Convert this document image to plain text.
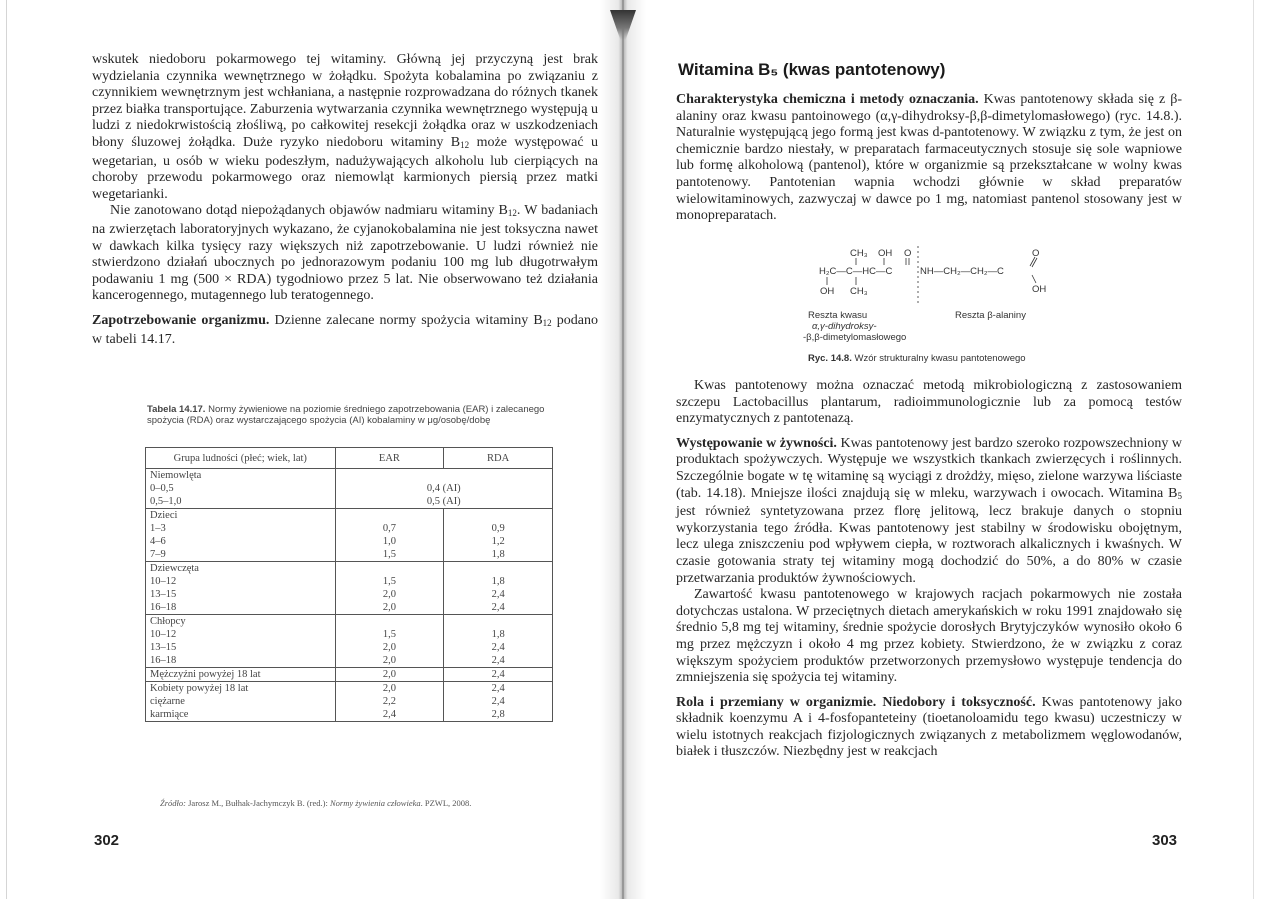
wskutek niedoboru pokarmowego tej witaminy. Główną jej przyczyną jest brak wydzielania czynnika wewnętrznego w żołądku. Spożyta kobalamina po związaniu z czynnikiem wewnętrznym jest wchłaniana, a następnie rozprowadzana do różnych tkanek przez białka transportujące. Zaburzenia wytwarzania czynnika wewnętrznego występują u ludzi z niedokrwistością złośliwą, po całkowitej resekcji żołądka oraz w uszkodzeniach błony śluzowej żołądka. Duże ryzyko niedoboru witaminy $B_{12}$ może występować u wegetarian, u osób w wieku podeszłym, nadużywających alkoholu lub cierpiących na choroby przewodu pokarmowego oraz niemowląt karmionych piersią przez matki wegetarianki.

Nie zanotowano dotąd niepożądanych objawów nadmiaru witaminy $B_{12}$. W badaniach na zwierzętach laboratoryjnych wykazano, że cyjanokobalamina nie jest toksyczna nawet w dawkach kilka tysięcy razy większych niż zapotrzebowanie. U ludzi również nie stwierdzono działań ubocznych po jednorazowym podaniu 100 mg lub długotrwałym podawaniu 1 mg (500 × RDA) tygodniowo przez 5 lat. Nie obserwowano też działania kancerogennego, mutagennego lub teratogennego.

Zapotrzebowanie organizmu. Dzienne zalecane normy spożycia witaminy $B_{12}$ podano w tabeli 14.17.

Tabela 14.17. Normy żywieniowe na poziomie średniego zapotrzebowania (EAR) i zalecanego spożycia (RDA) oraz wystarczającego spożycia (AI) kobalaminy w μg/osobę/dobę
Grupa ludności (płeć; wiek, lat)	EAR	RDA
Niemowlęta		
0–0,5	0,4 (AI)	
0,5–1,0	0,5 (AI)	
Dzieci		
1–3	0,7	0,9
4–6	1,0	1,2
7–9	1,5	1,8
Dziewczęta		
10–12	1,5	1,8
13–15	2,0	2,4
16–18	2,0	2,4
Chłopcy		
10–12	1,5	1,8
13–15	2,0	2,4
16–18	2,0	2,4
Mężczyźni powyżej 18 lat	2,0	2,4
Kobiety powyżej 18 lat	2,0	2,4
ciężarne	2,2	2,4
karmiące	2,4	2,8
Źródło: Jarosz M., Bułhak-Jachymczyk B. (red.): Normy żywienia człowieka. PZWL, 2008.
302
Witamina B₅ (kwas pantotenowy)

Charakterystyka chemiczna i metody oznaczania. Kwas pantotenowy składa się z β-alaniny oraz kwasu pantoinowego (α,γ-dihydroksy-β,β-dimetylomasłowego) (ryc. 14.8.). Naturalnie występującą jego formą jest kwas d-pantotenowy. W związku z tym, że jest on chemicznie bardzo niestały, w preparatach farmaceutycznych stosuje się sole wapniowe lub formę alkoholową (pantenol), które w organizmie są przekształcane w wolny kwas pantotenowy. Pantotenian wapnia wchodzi głównie w skład preparatów wielowitaminowych, zazwyczaj w dawce po 1 mg, natomiast pantenol stosowany jest w monopreparatach.

CH₃ OH O
H₂C—C—HC—C	NH—CH₂—CH₂—C
OH CH₃
O
OH
Reszta kwasu
α,γ-dihydroksy-
-β,β-dimetylomasłowego
Reszta β-alaniny
Ryc. 14.8. Wzór strukturalny kwasu pantotenowego

Kwas pantotenowy można oznaczać metodą mikrobiologiczną z zastosowaniem szczepu Lactobacillus plantarum, radioimmunologicznie lub za pomocą testów enzymatycznych z pantotenazą.

Występowanie w żywności. Kwas pantotenowy jest bardzo szeroko rozpowszechniony w produktach spożywczych. Występuje we wszystkich tkankach zwierzęcych i roślinnych. Szczególnie bogate w tę witaminę są wyciągi z drożdży, mięso, zielone warzywa liściaste (tab. 14.18). Mniejsze ilości znajdują się w mleku, warzywach i owocach. Witamina $B_5$ jest również syntetyzowana przez florę jelitową, lecz brakuje danych o stopniu wykorzystania tego źródła. Kwas pantotenowy jest stabilny w środowisku obojętnym, lecz ulega zniszczeniu pod wpływem ciepła, w roztworach alkalicznych i kwaśnych. W czasie gotowania straty tej witaminy mogą dochodzić do 50%, a do 80% w czasie przetwarzania produktów żywnościowych.

Zawartość kwasu pantotenowego w krajowych racjach pokarmowych nie została dotychczas ustalona. W przeciętnych dietach amerykańskich w roku 1991 znajdowało się średnio 5,8 mg tej witaminy, średnie spożycie dorosłych Brytyjczyków wynosiło około 6 mg przez mężczyzn i około 4 mg przez kobiety. Stwierdzono, że w związku z coraz większym spożyciem produktów przetworzonych przemysłowo występuje tendencja do zmniejszenia się spożycia tej witaminy.

Rola i przemiany w organizmie. Niedobory i toksyczność. Kwas pantotenowy jako składnik koenzymu A i 4-fosfopanteteiny (tioetanoloamidu tego kwasu) uczestniczy w wielu istotnych reakcjach fizjologicznych związanych z metabolizmem węglowodanów, białek i tłuszczów. Niezbędny jest w reakcjach

303
